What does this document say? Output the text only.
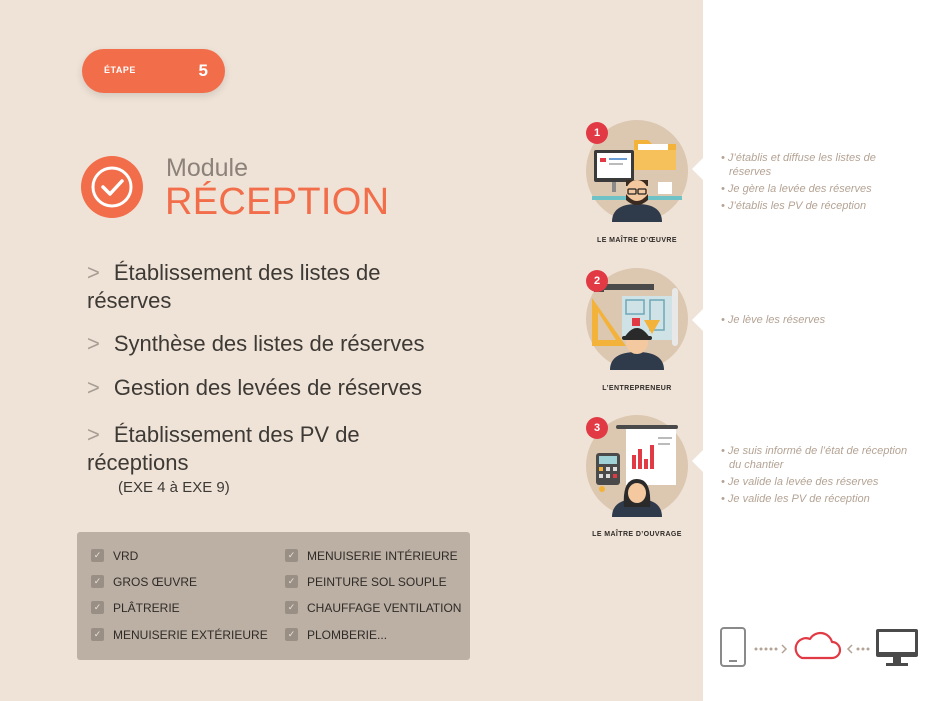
ÉTAPE	5
Module
RÉCEPTION
> Établissement des listes de réserves
> Synthèse des listes de réserves
> Gestion des levées de réserves
> Établissement des PV de réceptions
(EXE 4 à EXE 9)
✓ VRD
✓ GROS ŒUVRE
✓ PLÂTRERIE
✓ MENUISERIE EXTÉRIEURE
✓ MENUISERIE INTÉRIEURE
✓ PEINTURE SOL SOUPLE
✓ CHAUFFAGE VENTILATION
✓ PLOMBERIE...
1
LE MAÎTRE D’ŒUVRE
• J’établis et diffuse les listes de réserves
• Je gère la levée des réserves
• J’établis les PV de réception
2
L’ENTREPRENEUR
• Je lève les réserves
3
LE MAÎTRE D’OUVRAGE
• Je suis informé de l’état de réception du chantier
• Je valide la levée des réserves
• Je valide les PV de réception
